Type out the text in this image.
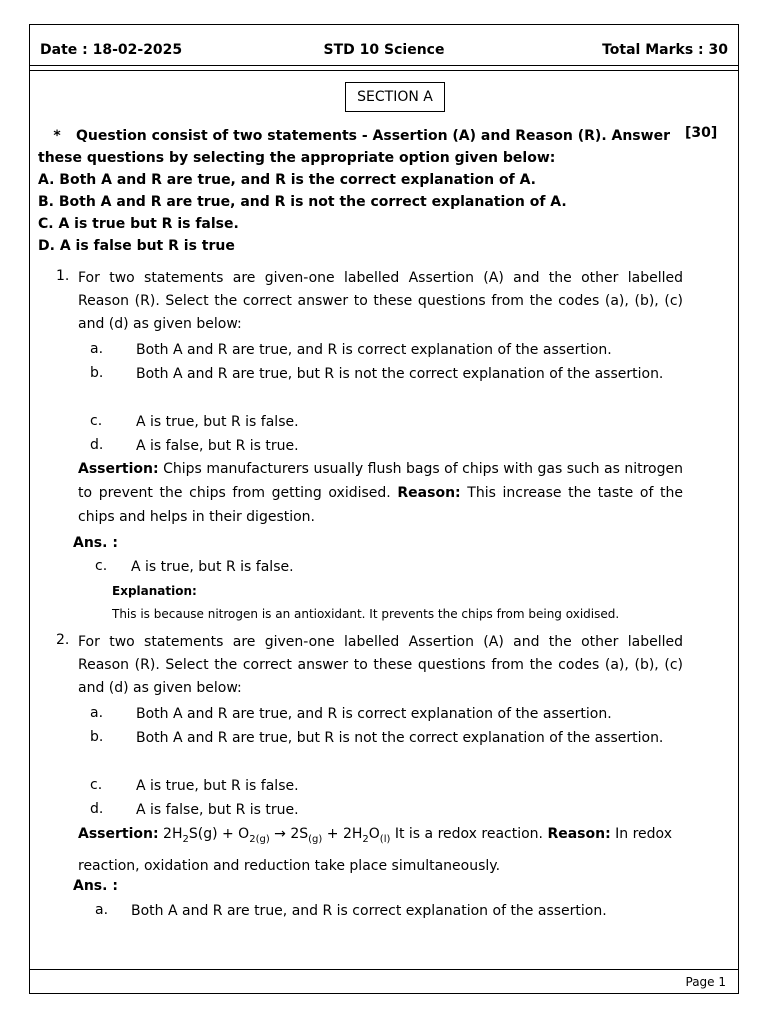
Date : 18-02-2025	STD 10 Science	Total Marks : 30
SECTION A
[30]
* Question consist of two statements - Assertion (A) and Reason (R). Answer
these questions by selecting the appropriate option given below:
A. Both A and R are true, and R is the correct explanation of A.
B. Both A and R are true, and R is not the correct explanation of A.
C. A is true but R is false.
D. A is false but R is true
1. For two statements are given-one labelled Assertion (A) and the other labelled Reason (R). Select the correct answer to these questions from the codes (a), (b), (c) and (d) as given below:
a.	Both A and R are true, and R is correct explanation of the assertion.
b.	Both A and R are true, but R is not the correct explanation of the assertion.
c.	A is true, but R is false.
d.	A is false, but R is true.
Assertion: Chips manufacturers usually flush bags of chips with gas such as nitrogen to prevent the chips from getting oxidised. Reason: This increase the taste of the chips and helps in their digestion.
Ans. :
c.	A is true, but R is false.
Explanation:
This is because nitrogen is an antioxidant. It prevents the chips from being oxidised.
2. For two statements are given-one labelled Assertion (A) and the other labelled Reason (R). Select the correct answer to these questions from the codes (a), (b), (c) and (d) as given below:
a.	Both A and R are true, and R is correct explanation of the assertion.
b.	Both A and R are true, but R is not the correct explanation of the assertion.
c.	A is true, but R is false.
d.	A is false, but R is true.
Assertion: $2H_2S(g) + O_{2(g)} \to 2S_{(g)} + 2H_2O_{(l)}$ It is a redox reaction. Reason: In redox reaction, oxidation and reduction take place simultaneously.
Ans. :
a.	Both A and R are true, and R is correct explanation of the assertion.
Page 1
